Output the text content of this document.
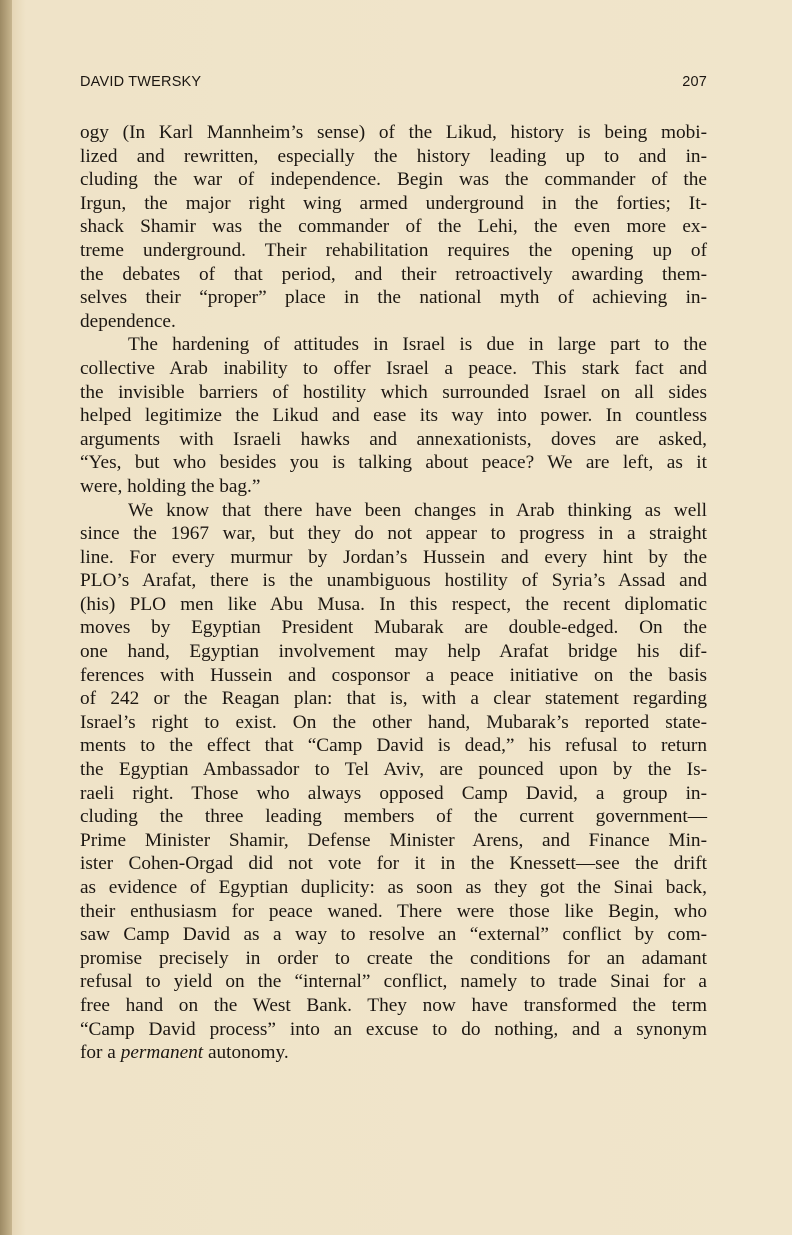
DAVID TWERSKY	207
ogy (In Karl Mannheim’s sense) of the Likud, history is being mobi-
lized and rewritten, especially the history leading up to and in-
cluding the war of independence. Begin was the commander of the
Irgun, the major right wing armed underground in the forties; It-
shack Shamir was the commander of the Lehi, the even more ex-
treme underground. Their rehabilitation requires the opening up of
the debates of that period, and their retroactively awarding them-
selves their “proper” place in the national myth of achieving in-
dependence.
The hardening of attitudes in Israel is due in large part to the
collective Arab inability to offer Israel a peace. This stark fact and
the invisible barriers of hostility which surrounded Israel on all sides
helped legitimize the Likud and ease its way into power. In countless
arguments with Israeli hawks and annexationists, doves are asked,
“Yes, but who besides you is talking about peace? We are left, as it
were, holding the bag.”
We know that there have been changes in Arab thinking as well
since the 1967 war, but they do not appear to progress in a straight
line. For every murmur by Jordan’s Hussein and every hint by the
PLO’s Arafat, there is the unambiguous hostility of Syria’s Assad and
(his) PLO men like Abu Musa. In this respect, the recent diplomatic
moves by Egyptian President Mubarak are double-edged. On the
one hand, Egyptian involvement may help Arafat bridge his dif-
ferences with Hussein and cosponsor a peace initiative on the basis
of 242 or the Reagan plan: that is, with a clear statement regarding
Israel’s right to exist. On the other hand, Mubarak’s reported state-
ments to the effect that “Camp David is dead,” his refusal to return
the Egyptian Ambassador to Tel Aviv, are pounced upon by the Is-
raeli right. Those who always opposed Camp David, a group in-
cluding the three leading members of the current government—
Prime Minister Shamir, Defense Minister Arens, and Finance Min-
ister Cohen-Orgad did not vote for it in the Knessett—see the drift
as evidence of Egyptian duplicity: as soon as they got the Sinai back,
their enthusiasm for peace waned. There were those like Begin, who
saw Camp David as a way to resolve an “external” conflict by com-
promise precisely in order to create the conditions for an adamant
refusal to yield on the “internal” conflict, namely to trade Sinai for a
free hand on the West Bank. They now have transformed the term
“Camp David process” into an excuse to do nothing, and a synonym
for a permanent autonomy.
